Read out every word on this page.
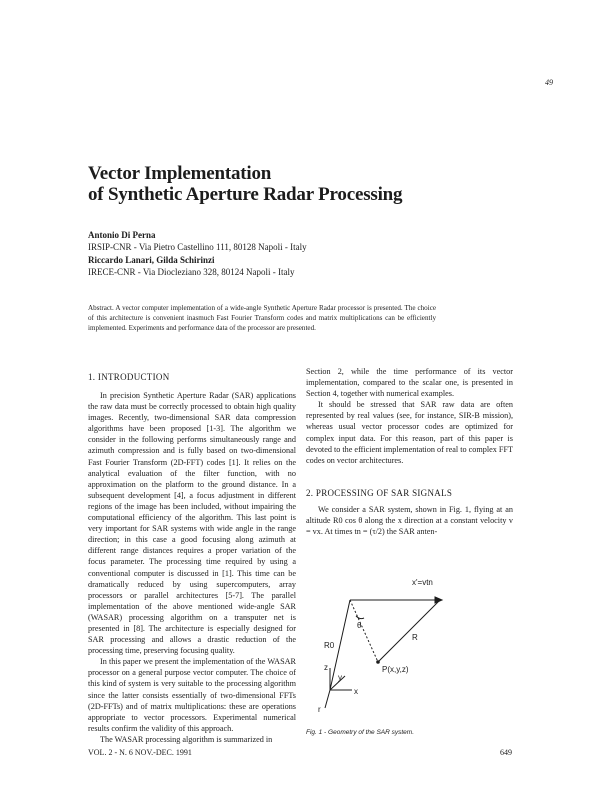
49
Vector Implementation
of Synthetic Aperture Radar Processing
Antonio Di Perna
IRSIP-CNR - Via Pietro Castellino 111, 80128 Napoli - Italy
Riccardo Lanari, Gilda Schirinzi
IRECE-CNR - Via Diocleziano 328, 80124 Napoli - Italy
Abstract. A vector computer implementation of a wide-angle Synthetic Aperture Radar processor is presented. The choice of this architecture is convenient inasmuch Fast Fourier Transform codes and matrix multiplications can be efficiently implemented. Experiments and performance data of the processor are presented.
1. INTRODUCTION

In precision Synthetic Aperture Radar (SAR) applications the raw data must be correctly processed to obtain high quality images. Recently, two-dimensional SAR data compression algorithms have been proposed [1-3]. The algorithm we consider in the following performs simultaneously range and azimuth compression and is fully based on two-dimensional Fast Fourier Transform (2D-FFT) codes [1]. It relies on the analytical evaluation of the filter function, with no approximation on the platform to the ground distance. In a subsequent development [4], a focus adjustment in different regions of the image has been included, without impairing the computational efficiency of the algorithm. This last point is very important for SAR systems with wide angle in the range direction; in this case a good focusing along azimuth at different range distances requires a proper variation of the focus parameter. The processing time required by using a conventional computer is discussed in [1]. This time can be dramatically reduced by using supercomputers, array processors or parallel architectures [5-7]. The parallel implementation of the above mentioned wide-angle SAR (WASAR) processing algorithm on a transputer net is presented in [8]. The architecture is especially designed for SAR processing and allows a drastic reduction of the processing time, preserving focusing quality.

In this paper we present the implementation of the WASAR processor on a general purpose vector computer. The choice of this kind of system is very suitable to the processing algorithm since the latter consists essentially of two-dimensional FFTs (2D-FFTs) and of matrix multiplications: these are operations appropriate to vector processors. Experimental numerical results confirm the validity of this approach.

The WASAR processing algorithm is summarized in

Section 2, while the time performance of its vector implementation, compared to the scalar one, is presented in Section 4, together with numerical examples.

It should be stressed that SAR raw data are often represented by real values (see, for instance, SIR-B mission), whereas usual vector processor codes are optimized for complex input data. For this reason, part of this paper is devoted to the efficient implementation of real to complex FFT codes on vector architectures.

2. PROCESSING OF SAR SIGNALS

We consider a SAR system, shown in Fig. 1, flying at an altitude R0 cos θ along the x direction at a constant velocity v = vx. At times tn = (τ/2) the SAR anten-

x'=vtn
θ
R
R0
P(x,y,z)
z
y
x
r
Fig. 1 - Geometry of the SAR system.
VOL. 2 - N. 6 NOV.-DEC. 1991	649
